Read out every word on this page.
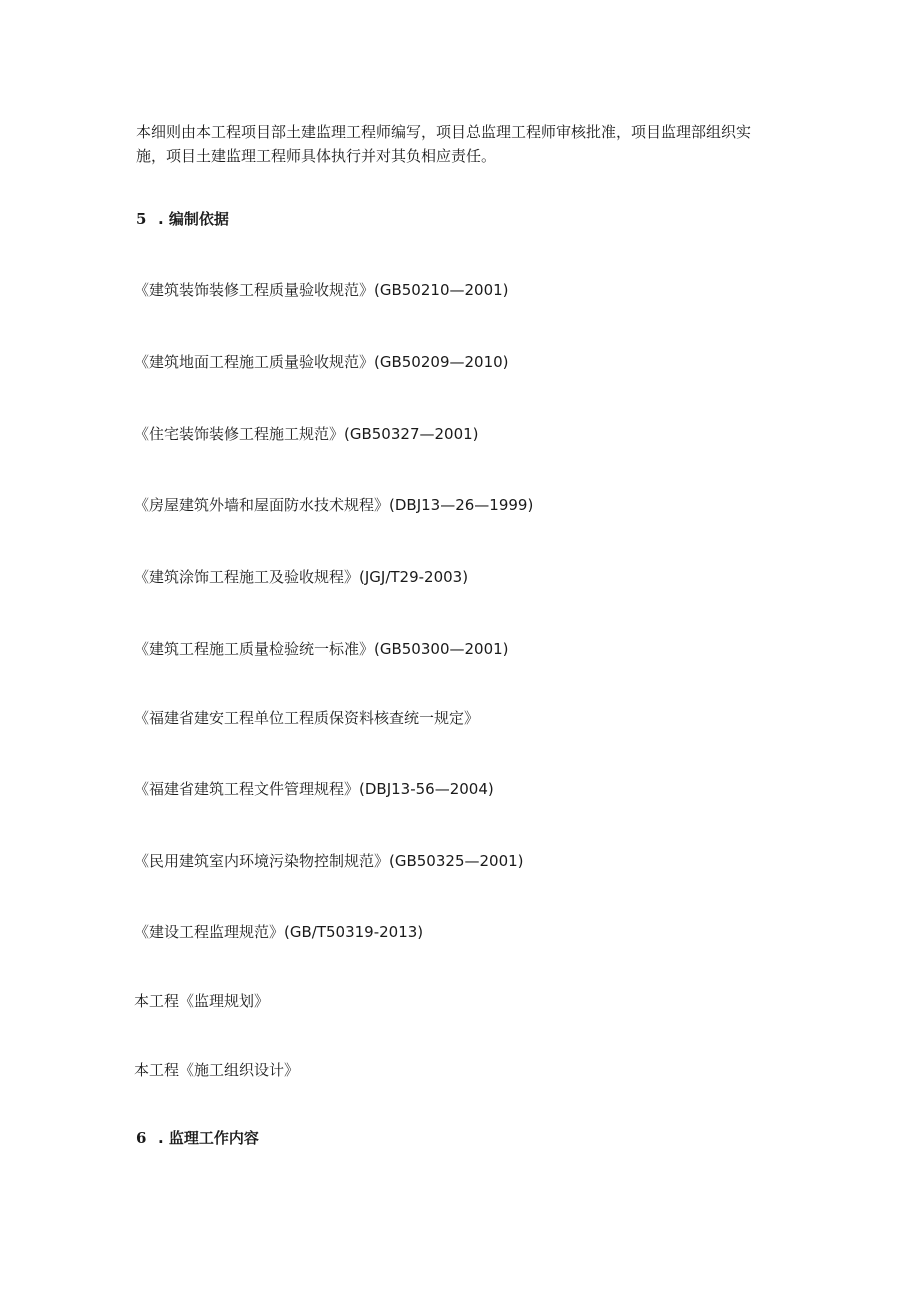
本细则由本工程项目部土建监理工程师编写，项目总监理工程师审核批准，项目监理部组织实施，项目土建监理工程师具体执行并对其负相应责任。

5 . 编制依据

《建筑装饰装修工程质量验收规范》(GB50210—2001)

《建筑地面工程施工质量验收规范》(GB50209—2010)

《住宅装饰装修工程施工规范》(GB50327—2001)

《房屋建筑外墙和屋面防水技术规程》(DBJ13—26—1999)

《建筑涂饰工程施工及验收规程》(JGJ/T29-2003)

《建筑工程施工质量检验统一标准》(GB50300—2001)

《福建省建安工程单位工程质保资料核查统一规定》

《福建省建筑工程文件管理规程》(DBJ13-56—2004)

《民用建筑室内环境污染物控制规范》(GB50325—2001)

《建设工程监理规范》(GB/T50319-2013)

本工程《监理规划》

本工程《施工组织设计》

6 . 监理工作内容
